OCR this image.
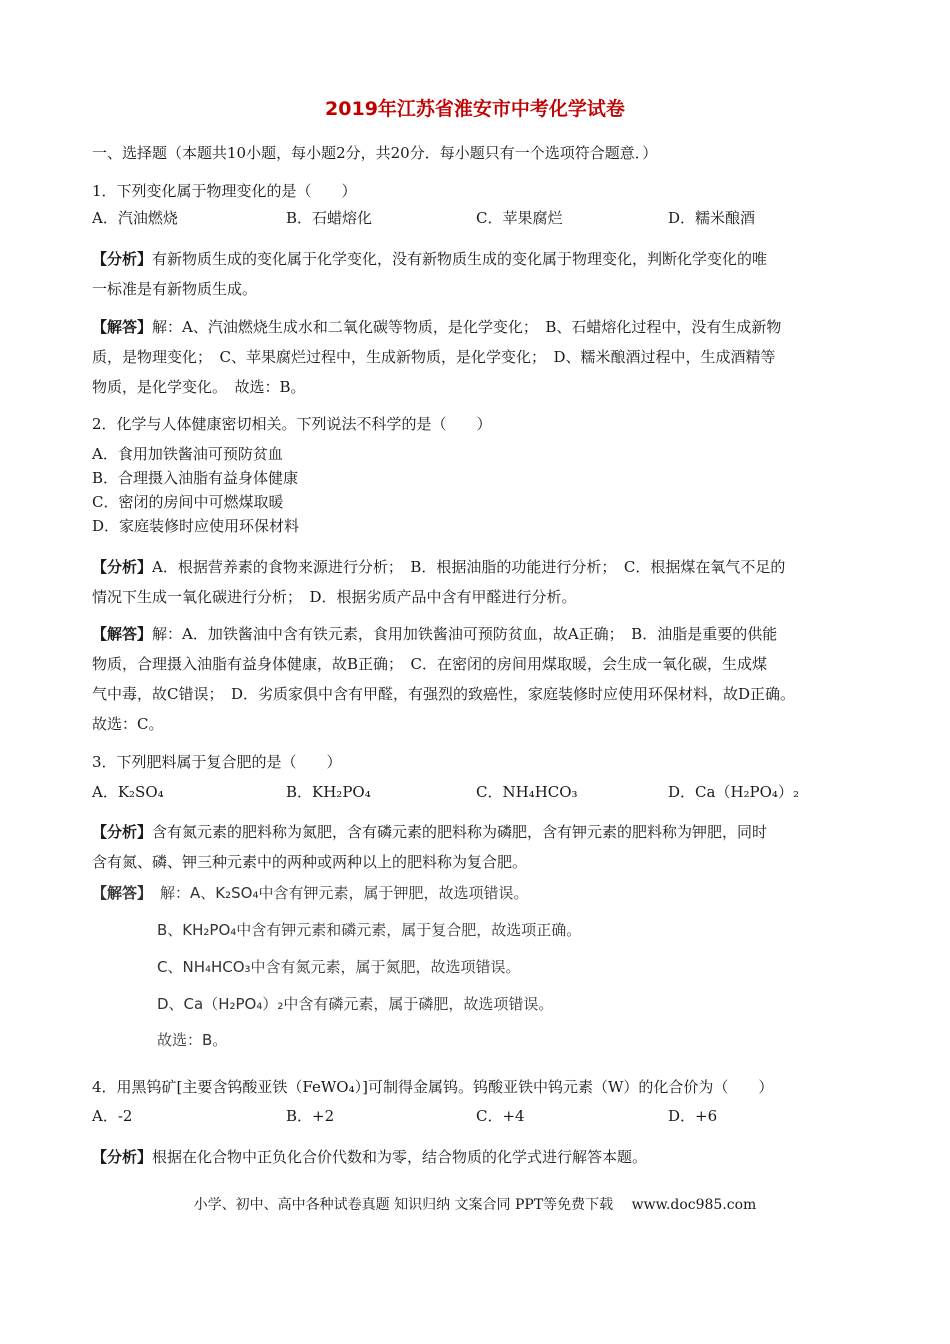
2019年江苏省淮安市中考化学试卷
一、选择题（本题共10小题，每小题2分，共20分．每小题只有一个选项符合题意．）
1．下列变化属于物理变化的是（　　）
A．汽油燃烧	B．石蜡熔化	C．苹果腐烂	D．糯米酿酒
【分析】有新物质生成的变化属于化学变化，没有新物质生成的变化属于物理变化，判断化学变化的唯
一标准是有新物质生成。
【解答】解：A、汽油燃烧生成水和二氧化碳等物质，是化学变化；　B、石蜡熔化过程中，没有生成新物
质，是物理变化；　C、苹果腐烂过程中，生成新物质，是化学变化；　D、糯米酿酒过程中，生成酒精等
物质，是化学变化。　故选：B。
2．化学与人体健康密切相关。下列说法不科学的是（　　）
A．食用加铁酱油可预防贫血
B．合理摄入油脂有益身体健康
C．密闭的房间中可燃煤取暖
D．家庭装修时应使用环保材料
【分析】A．根据营养素的食物来源进行分析；　B．根据油脂的功能进行分析；　C．根据煤在氧气不足的
情况下生成一氧化碳进行分析；　D．根据劣质产品中含有甲醛进行分析。
【解答】解：A．加铁酱油中含有铁元素，食用加铁酱油可预防贫血，故A正确；　B．油脂是重要的供能
物质，合理摄入油脂有益身体健康，故B正确；　C．在密闭的房间用煤取暖，会生成一氧化碳，生成煤
气中毒，故C错误；　D．劣质家俱中含有甲醛，有强烈的致癌性，家庭装修时应使用环保材料，故D正确。
故选：C。
3．下列肥料属于复合肥的是（　　）
A．K₂SO₄	B．KH₂PO₄	C．NH₄HCO₃	D．Ca（H₂PO₄）₂
【分析】含有氮元素的肥料称为氮肥，含有磷元素的肥料称为磷肥，含有钾元素的肥料称为钾肥，同时
含有氮、磷、钾三种元素中的两种或两种以上的肥料称为复合肥。
【解答】 解：A、K₂SO₄中含有钾元素，属于钾肥，故选项错误。
B、KH₂PO₄中含有钾元素和磷元素，属于复合肥，故选项正确。
C、NH₄HCO₃中含有氮元素，属于氮肥，故选项错误。
D、Ca（H₂PO₄）₂中含有磷元素，属于磷肥，故选项错误。
故选：B。
4．用黑钨矿[主要含钨酸亚铁（FeWO₄）]可制得金属钨。钨酸亚铁中钨元素（W）的化合价为（　　）
A．-2	B．+2	C．+4	D．+6
【分析】根据在化合物中正负化合价代数和为零，结合物质的化学式进行解答本题。
小学、初中、高中各种试卷真题 知识归纳 文案合同 PPT等免费下载　 www.doc985.com
